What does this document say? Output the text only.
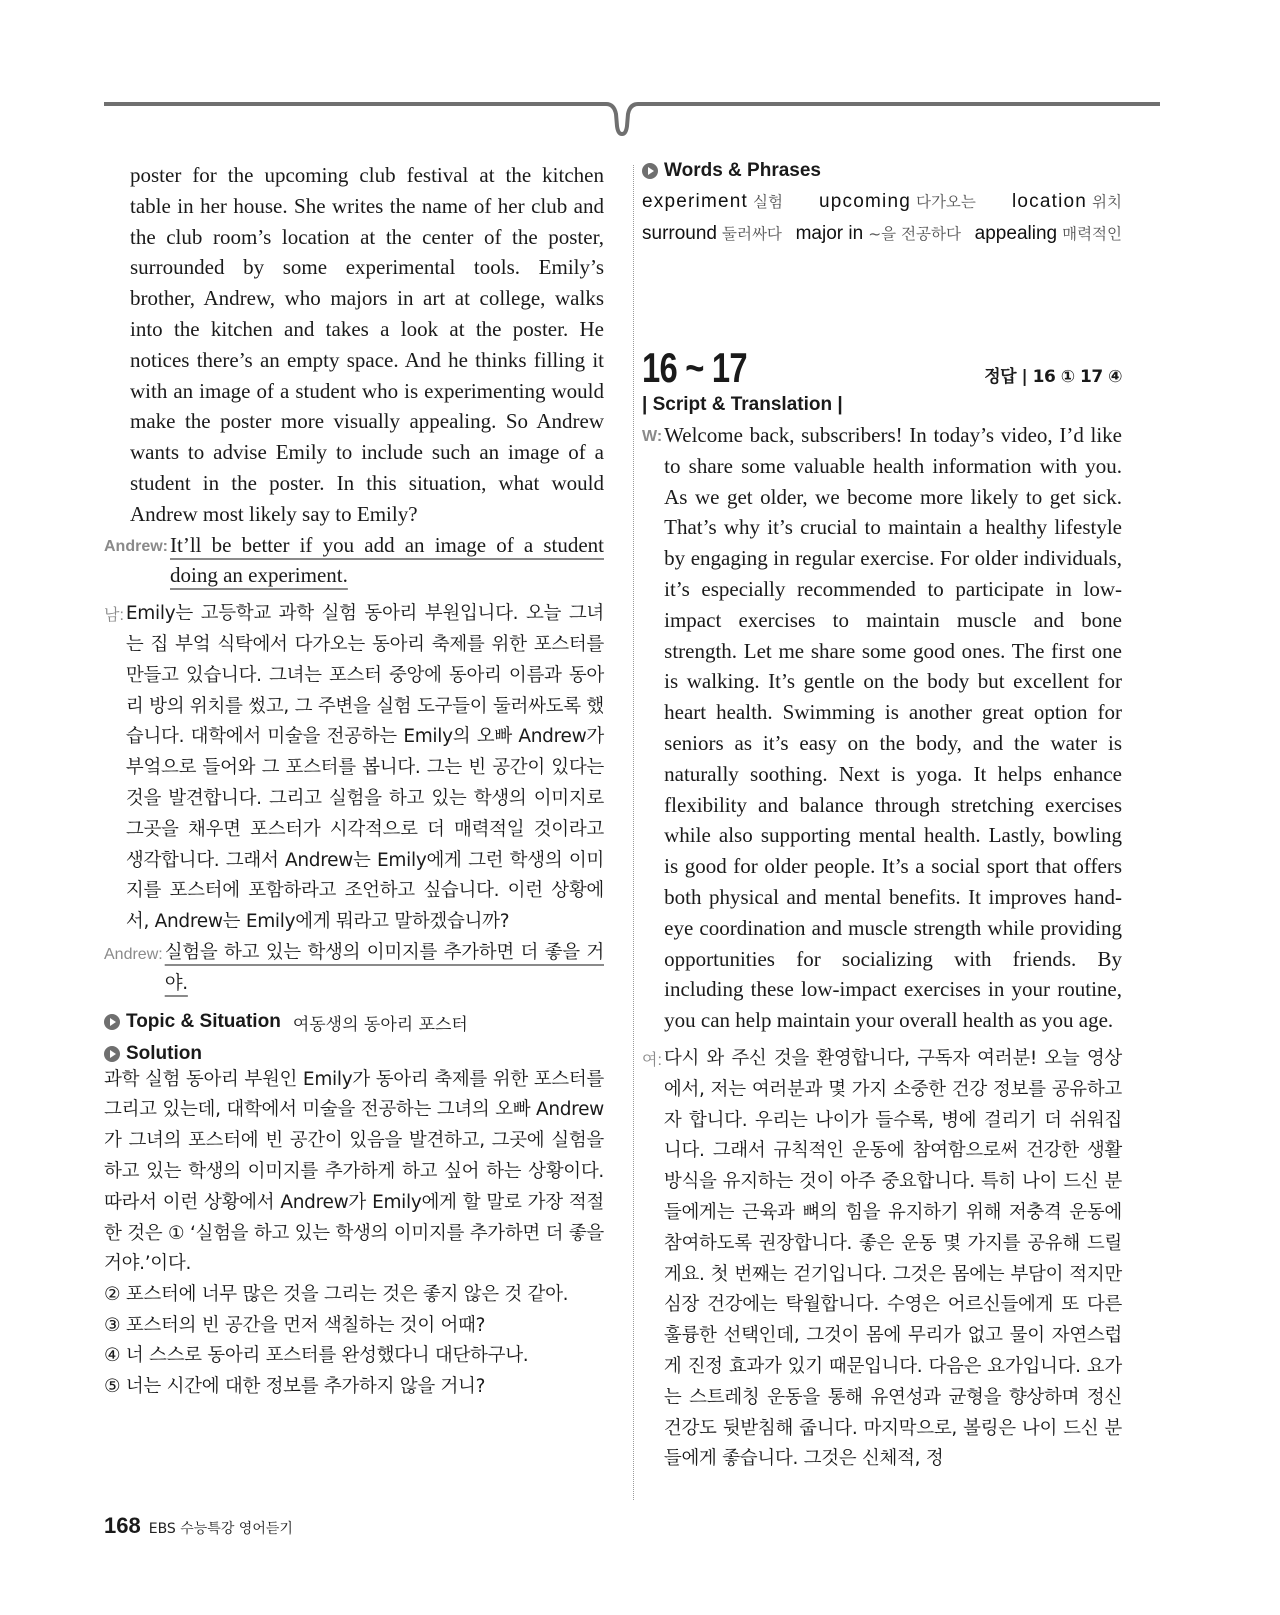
poster for the upcoming club festival at the kitchen table in her house. She writes the name of her club and the club room’s location at the center of the poster, surrounded by some experimental tools. Emily’s brother, Andrew, who majors in art at college, walks into the kitchen and takes a look at the poster. He notices there’s an empty space. And he thinks filling it with an image of a student who is experimenting would make the poster more visually appealing. So Andrew wants to advise Emily to include such an image of a student in the poster. In this situation, what would Andrew most likely say to Emily?
Andrew: It’ll be better if you add an image of a student doing an experiment.
남: Emily는 고등학교 과학 실험 동아리 부원입니다. 오늘 그녀는 집 부엌 식탁에서 다가오는 동아리 축제를 위한 포스터를 만들고 있습니다. 그녀는 포스터 중앙에 동아리 이름과 동아리 방의 위치를 썼고, 그 주변을 실험 도구들이 둘러싸도록 했습니다. 대학에서 미술을 전공하는 Emily의 오빠 Andrew가 부엌으로 들어와 그 포스터를 봅니다. 그는 빈 공간이 있다는 것을 발견합니다. 그리고 실험을 하고 있는 학생의 이미지로 그곳을 채우면 포스터가 시각적으로 더 매력적일 것이라고 생각합니다. 그래서 Andrew는 Emily에게 그런 학생의 이미지를 포스터에 포함하라고 조언하고 싶습니다. 이런 상황에서, Andrew는 Emily에게 뭐라고 말하겠습니까?
Andrew: 실험을 하고 있는 학생의 이미지를 추가하면 더 좋을 거야.
Topic & Situation 여동생의 동아리 포스터
Solution
과학 실험 동아리 부원인 Emily가 동아리 축제를 위한 포스터를 그리고 있는데, 대학에서 미술을 전공하는 그녀의 오빠 Andrew가 그녀의 포스터에 빈 공간이 있음을 발견하고, 그곳에 실험을 하고 있는 학생의 이미지를 추가하게 하고 싶어 하는 상황이다. 따라서 이런 상황에서 Andrew가 Emily에게 할 말로 가장 적절한 것은 ① ‘실험을 하고 있는 학생의 이미지를 추가하면 더 좋을 거야.’이다.
② 포스터에 너무 많은 것을 그리는 것은 좋지 않은 것 같아.
③ 포스터의 빈 공간을 먼저 색칠하는 것이 어때?
④ 너 스스로 동아리 포스터를 완성했다니 대단하구나.
⑤ 너는 시간에 대한 정보를 추가하지 않을 거니?
Words & Phrases
experiment 실험 upcoming 다가오는 location 위치
surround 둘러싸다 major in ~을 전공하다 appealing 매력적인
16 ~ 17	정답 | 16 ① 17 ④
| Script & Translation |
W: Welcome back, subscribers! In today’s video, I’d like to share some valuable health information with you. As we get older, we become more likely to get sick. That’s why it’s crucial to maintain a healthy lifestyle by engaging in regular exercise. For older individuals, it’s especially recommended to participate in low-impact exercises to maintain muscle and bone strength. Let me share some good ones. The first one is walking. It’s gentle on the body but excellent for heart health. Swimming is another great option for seniors as it’s easy on the body, and the water is naturally soothing. Next is yoga. It helps enhance flexibility and balance through stretching exercises while also supporting mental health. Lastly, bowling is good for older people. It’s a social sport that offers both physical and mental benefits. It improves hand-eye coordination and muscle strength while providing opportunities for socializing with friends. By including these low-impact exercises in your routine, you can help maintain your overall health as you age.
여: 다시 와 주신 것을 환영합니다, 구독자 여러분! 오늘 영상에서, 저는 여러분과 몇 가지 소중한 건강 정보를 공유하고자 합니다. 우리는 나이가 들수록, 병에 걸리기 더 쉬워집니다. 그래서 규칙적인 운동에 참여함으로써 건강한 생활 방식을 유지하는 것이 아주 중요합니다. 특히 나이 드신 분들에게는 근육과 뼈의 힘을 유지하기 위해 저충격 운동에 참여하도록 권장합니다. 좋은 운동 몇 가지를 공유해 드릴게요. 첫 번째는 걷기입니다. 그것은 몸에는 부담이 적지만 심장 건강에는 탁월합니다. 수영은 어르신들에게 또 다른 훌륭한 선택인데, 그것이 몸에 무리가 없고 물이 자연스럽게 진정 효과가 있기 때문입니다. 다음은 요가입니다. 요가는 스트레칭 운동을 통해 유연성과 균형을 향상하며 정신 건강도 뒷받침해 줍니다. 마지막으로, 볼링은 나이 드신 분들에게 좋습니다. 그것은 신체적, 정
168 EBS 수능특강 영어듣기
